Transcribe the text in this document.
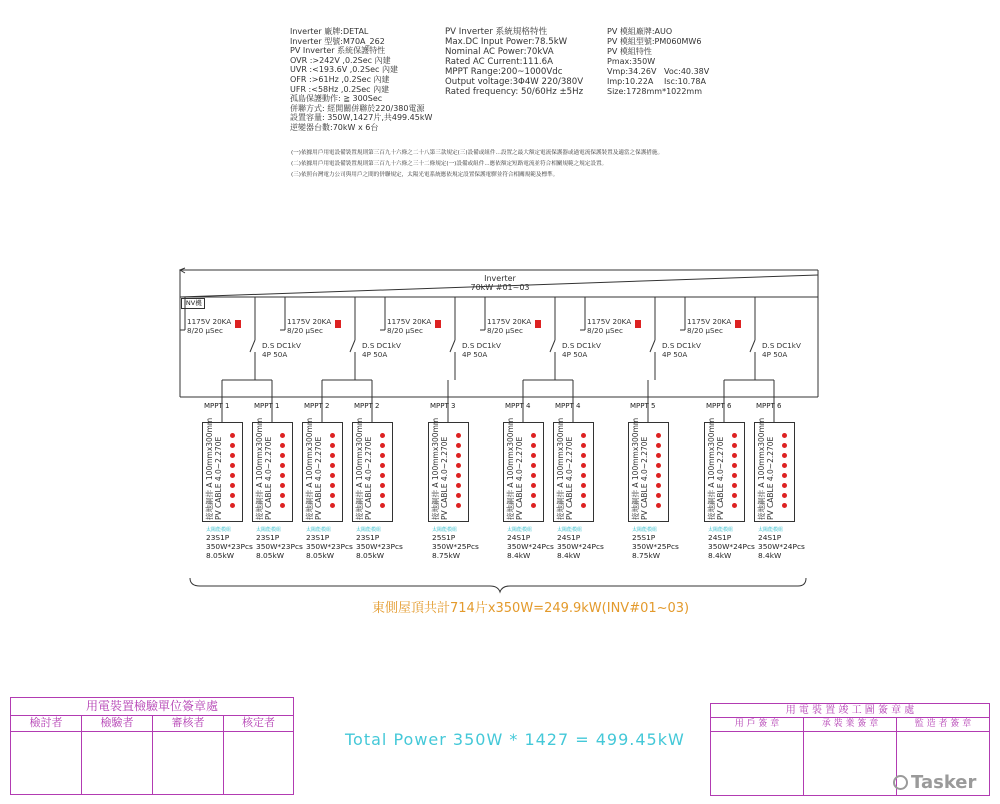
Inverter 廠牌:DETAL
Inverter 型號:M70A_262
PV Inverter 系統保護特性
OVR :>242V ,0.2Sec 內建
UVR :<193.6V ,0.2Sec 內建
OFR :>61Hz ,0.2Sec 內建
UFR :<58Hz ,0.2Sec 內建
孤島保護動作: ≧ 300Sec
併聯方式: 經開關併聯於220/380電源
設置容量: 350W,1427片,共499.45kW
逆變器台數:70kW x 6台
PV Inverter 系統規格特性
Max.DC Input Power:78.5kW
Nominal AC Power:70kVA
Rated AC Current:111.6A
MPPT Range:200~1000Vdc
Output voltage:3Φ4W 220/380V
Rated frequency: 50/60Hz ±5Hz
PV 模組廠牌:AUO
PV 模組型號:PM060MW6
PV 模組特性
Pmax:350W
Vmp:34.26V Voc:40.38V
Imp:10.22A Isc:10.78A
Size:1728mm*1022mm
(一)依據用戶用電設備裝置規則第三百九十六條之二十八第三款規定(三)設備或組件...設置之最大額定電流保護器或過電流保護裝置及適當之保護措施。
(二)依據用戶用電設備裝置規則第三百九十六條之三十二條規定(一)設備或組件...應依額定短路電流並符合相關規範之規定設置。
(三)依照台灣電力公司與用戶之間的併聯規定，太陽光電系統應依規定設置保護電驛並符合相關規範及標準。
Inverter
70kW #01~03
INV機
1175V 20KA
8/20 μSec
D.S DC1kV
4P 50A
1175V 20KA
8/20 μSec
D.S DC1kV
4P 50A
1175V 20KA
8/20 μSec
D.S DC1kV
4P 50A
1175V 20KA
8/20 μSec
D.S DC1kV
4P 50A
1175V 20KA
8/20 μSec
D.S DC1kV
4P 50A
1175V 20KA
8/20 μSec
D.S DC1kV
4P 50A
MPPT 1	MPPT 1	MPPT 2	MPPT 2	MPPT 3	MPPT 4	MPPT 4	MPPT 5	MPPT 6	MPPT 6
接地銅排 A 100mmx300mm PV CABLE 4.0~2.270E	接地銅排 A 100mmx300mm PV CABLE 4.0~2.270E	接地銅排 A 100mmx300mm PV CABLE 4.0~2.270E	接地銅排 A 100mmx300mm PV CABLE 4.0~2.270E	接地銅排 A 100mmx300mm PV CABLE 4.0~2.270E	接地銅排 A 100mmx300mm PV CABLE 4.0~2.270E	接地銅排 A 100mmx300mm PV CABLE 4.0~2.270E	接地銅排 A 100mmx300mm PV CABLE 4.0~2.270E	接地銅排 A 100mmx300mm PV CABLE 4.0~2.270E	接地銅排 A 100mmx300mm PV CABLE 4.0~2.270E
太陽能模組
23S1P
350W*23Pcs
8.05kW
太陽能模組
23S1P
350W*23Pcs
8.05kW
太陽能模組
23S1P
350W*23Pcs
8.05kW
太陽能模組
23S1P
350W*23Pcs
8.05kW
太陽能模組
25S1P
350W*25Pcs
8.75kW
太陽能模組
24S1P
350W*24Pcs
8.4kW
太陽能模組
24S1P
350W*24Pcs
8.4kW
太陽能模組
25S1P
350W*25Pcs
8.75kW
太陽能模組
24S1P
350W*24Pcs
8.4kW
太陽能模組
24S1P
350W*24Pcs
8.4kW
東側屋頂共計714片x350W=249.9kW(INV#01~03)
Total Power 350W * 1427 = 499.45kW
用電裝置檢驗單位簽章處
檢討者	檢驗者	審核者	核定者
用 電 裝 置 竣 工 圖 簽 章 處
用 戶 簽 章	承 裝 業 簽 章	監 造 者 簽 章
Tasker
